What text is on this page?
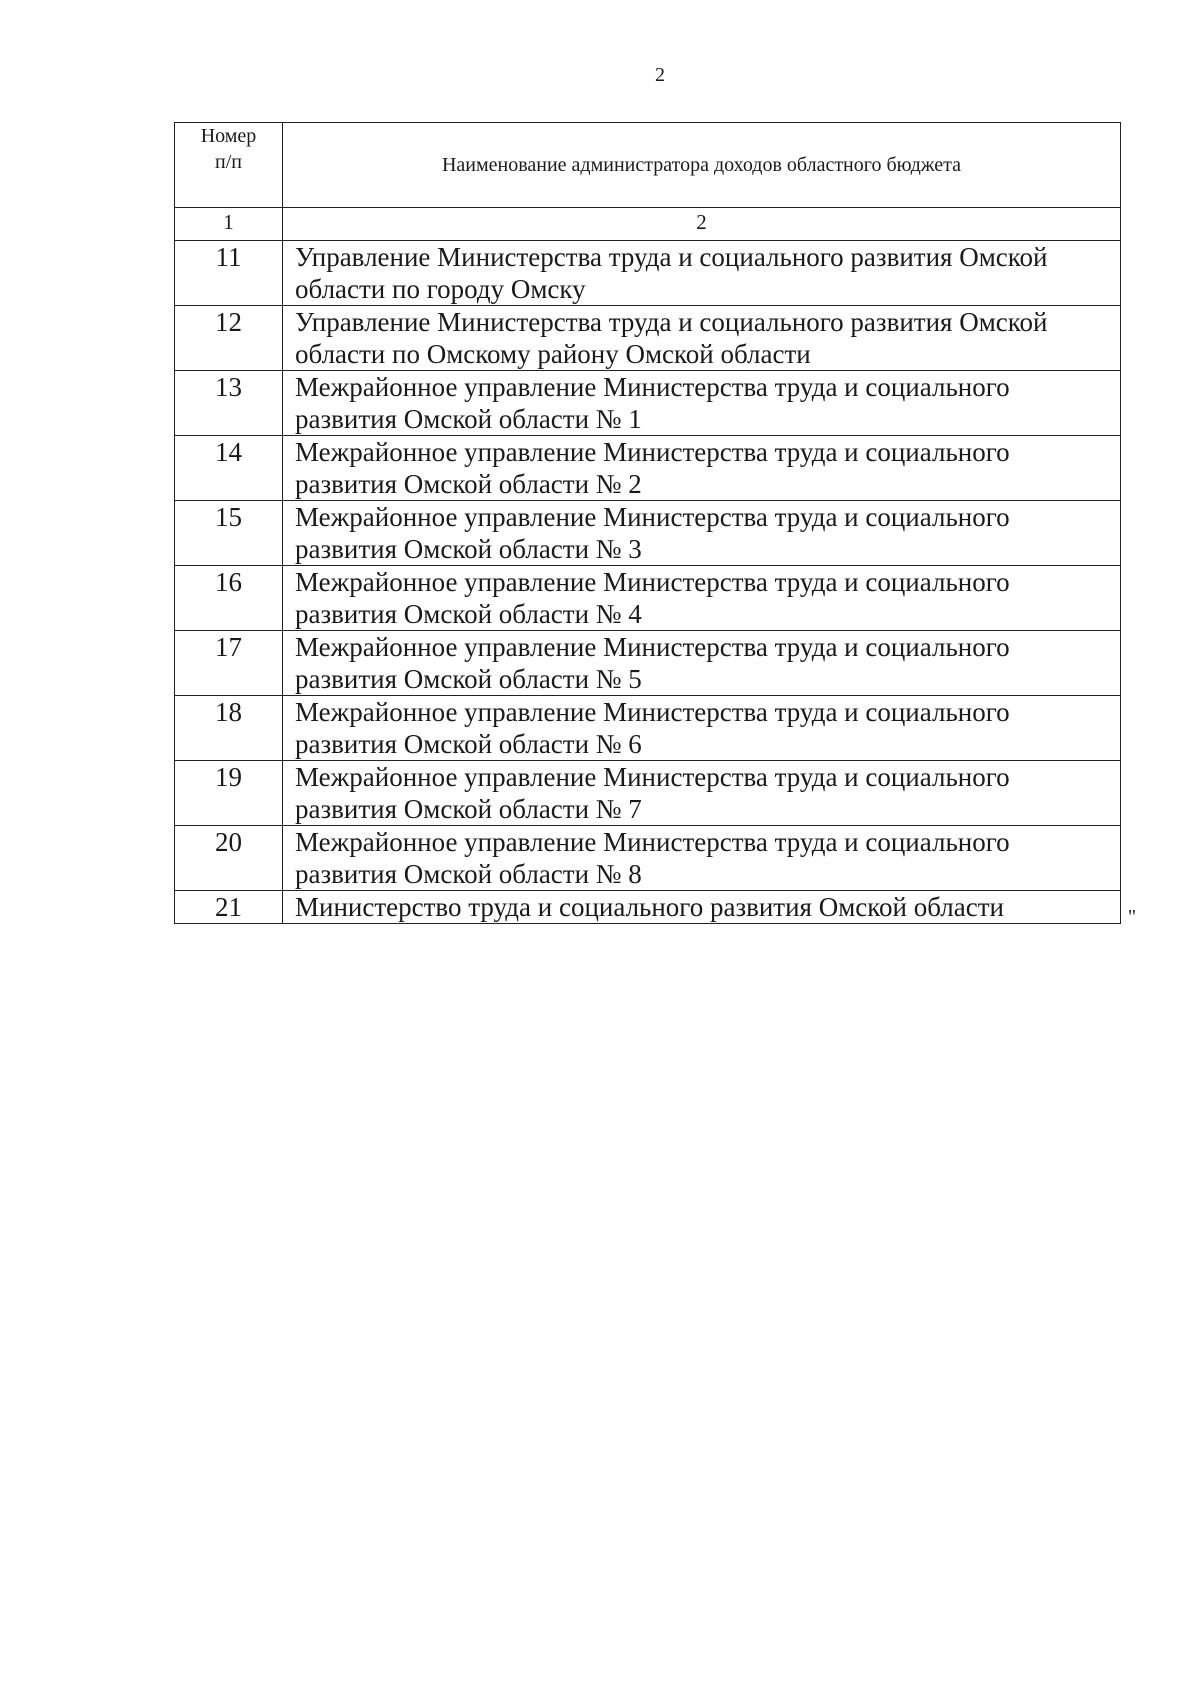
2
Номер
п/п	Наименование администратора доходов областного бюджета
1	2
11	Управление Министерства труда и социального развития Омской области по городу Омску
12	Управление Министерства труда и социального развития Омской области по Омскому району Омской области
13	Межрайонное управление Министерства труда и социального развития Омской области № 1
14	Межрайонное управление Министерства труда и социального развития Омской области № 2
15	Межрайонное управление Министерства труда и социального развития Омской области № 3
16	Межрайонное управление Министерства труда и социального развития Омской области № 4
17	Межрайонное управление Министерства труда и социального развития Омской области № 5
18	Межрайонное управление Министерства труда и социального развития Омской области № 6
19	Межрайонное управление Министерства труда и социального развития Омской области № 7
20	Межрайонное управление Министерства труда и социального развития Омской области № 8
21	Министерство труда и социального развития Омской области	"
